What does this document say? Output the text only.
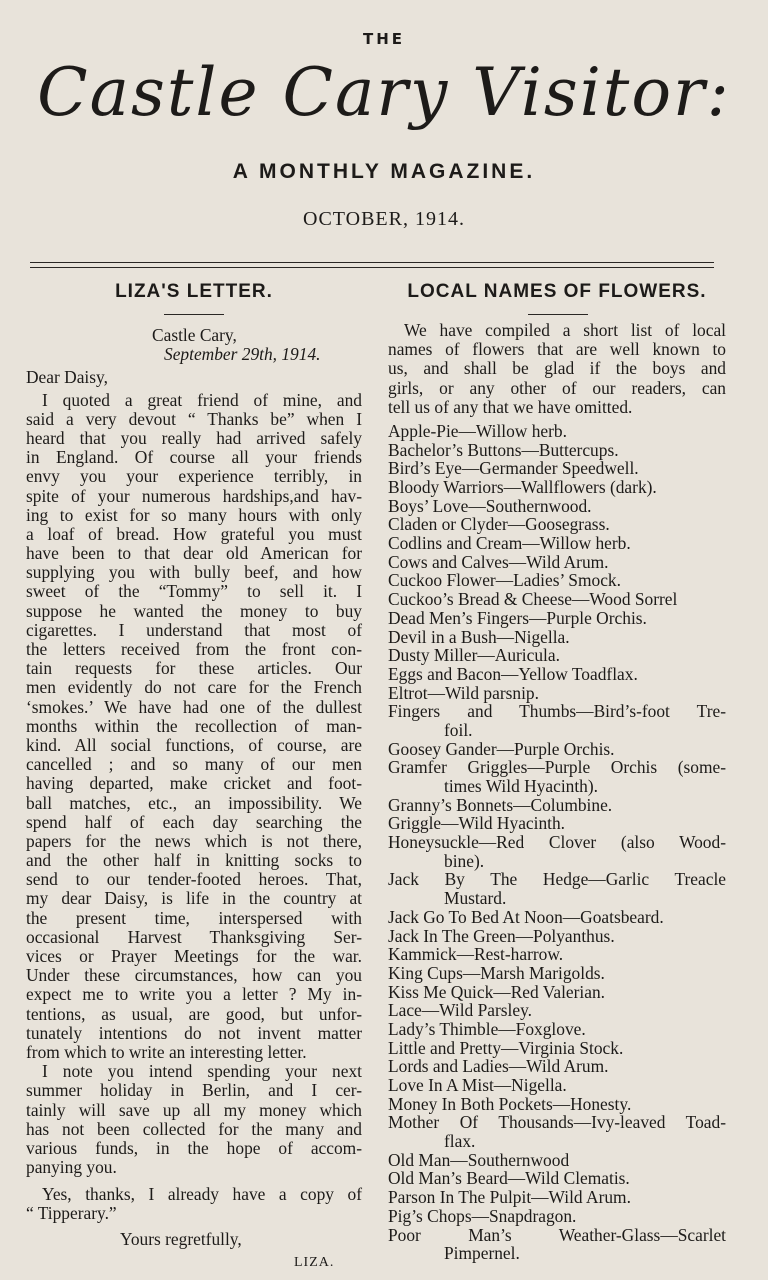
THE
Castle Cary Visitor:
A MONTHLY MAGAZINE.
OCTOBER, 1914.
LIZA'S LETTER.
Castle Cary,
September 29th, 1914.
Dear Daisy,
I quoted a great friend of mine, and
said a very devout “ Thanks be” when I
heard that you really had arrived safely
in England. Of course all your friends
envy you your experience terribly, in
spite of your numerous hardships,and hav-
ing to exist for so many hours with only
a loaf of bread. How grateful you must
have been to that dear old American for
supplying you with bully beef, and how
sweet of the “Tommy” to sell it. I
suppose he wanted the money to buy
cigarettes. I understand that most of
the letters received from the front con-
tain requests for these articles. Our
men evidently do not care for the French
‘smokes.’ We have had one of the dullest
months within the recollection of man-
kind. All social functions, of course, are
cancelled ; and so many of our men
having departed, make cricket and foot-
ball matches, etc., an impossibility. We
spend half of each day searching the
papers for the news which is not there,
and the other half in knitting socks to
send to our tender-footed heroes. That,
my dear Daisy, is life in the country at
the present time, interspersed with
occasional Harvest Thanksgiving Ser-
vices or Prayer Meetings for the war.
Under these circumstances, how can you
expect me to write you a letter ? My in-
tentions, as usual, are good, but unfor-
tunately intentions do not invent matter
from which to write an interesting letter.
I note you intend spending your next
summer holiday in Berlin, and I cer-
tainly will save up all my money which
has not been collected for the many and
various funds, in the hope of accom-
panying you.
Yes, thanks, I already have a copy of
“ Tipperary.”
Yours regretfully,
LIZA.
LOCAL NAMES OF FLOWERS.
We have compiled a short list of local
names of flowers that are well known to
us, and shall be glad if the boys and
girls, or any other of our readers, can
tell us of any that we have omitted.
Apple-Pie—Willow herb.
Bachelor’s Buttons—Buttercups.
Bird’s Eye—Germander Speedwell.
Bloody Warriors—Wallflowers (dark).
Boys’ Love—Southernwood.
Claden or Clyder—Goosegrass.
Codlins and Cream—Willow herb.
Cows and Calves—Wild Arum.
Cuckoo Flower—Ladies’ Smock.
Cuckoo’s Bread & Cheese—Wood Sorrel
Dead Men’s Fingers—Purple Orchis.
Devil in a Bush—Nigella.
Dusty Miller—Auricula.
Eggs and Bacon—Yellow Toadflax.
Eltrot—Wild parsnip.
Fingers and Thumbs—Bird’s-foot Tre-
foil.
Goosey Gander—Purple Orchis.
Gramfer Griggles—Purple Orchis (some-
times Wild Hyacinth).
Granny’s Bonnets—Columbine.
Griggle—Wild Hyacinth.
Honeysuckle—Red Clover (also Wood-
bine).
Jack By The Hedge—Garlic Treacle
Mustard.
Jack Go To Bed At Noon—Goatsbeard.
Jack In The Green—Polyanthus.
Kammick—Rest-harrow.
King Cups—Marsh Marigolds.
Kiss Me Quick—Red Valerian.
Lace—Wild Parsley.
Lady’s Thimble—Foxglove.
Little and Pretty—Virginia Stock.
Lords and Ladies—Wild Arum.
Love In A Mist—Nigella.
Money In Both Pockets—Honesty.
Mother Of Thousands—Ivy-leaved Toad-
flax.
Old Man—Southernwood
Old Man’s Beard—Wild Clematis.
Parson In The Pulpit—Wild Arum.
Pig’s Chops—Snapdragon.
Poor Man’s Weather-Glass—Scarlet
Pimpernel.
